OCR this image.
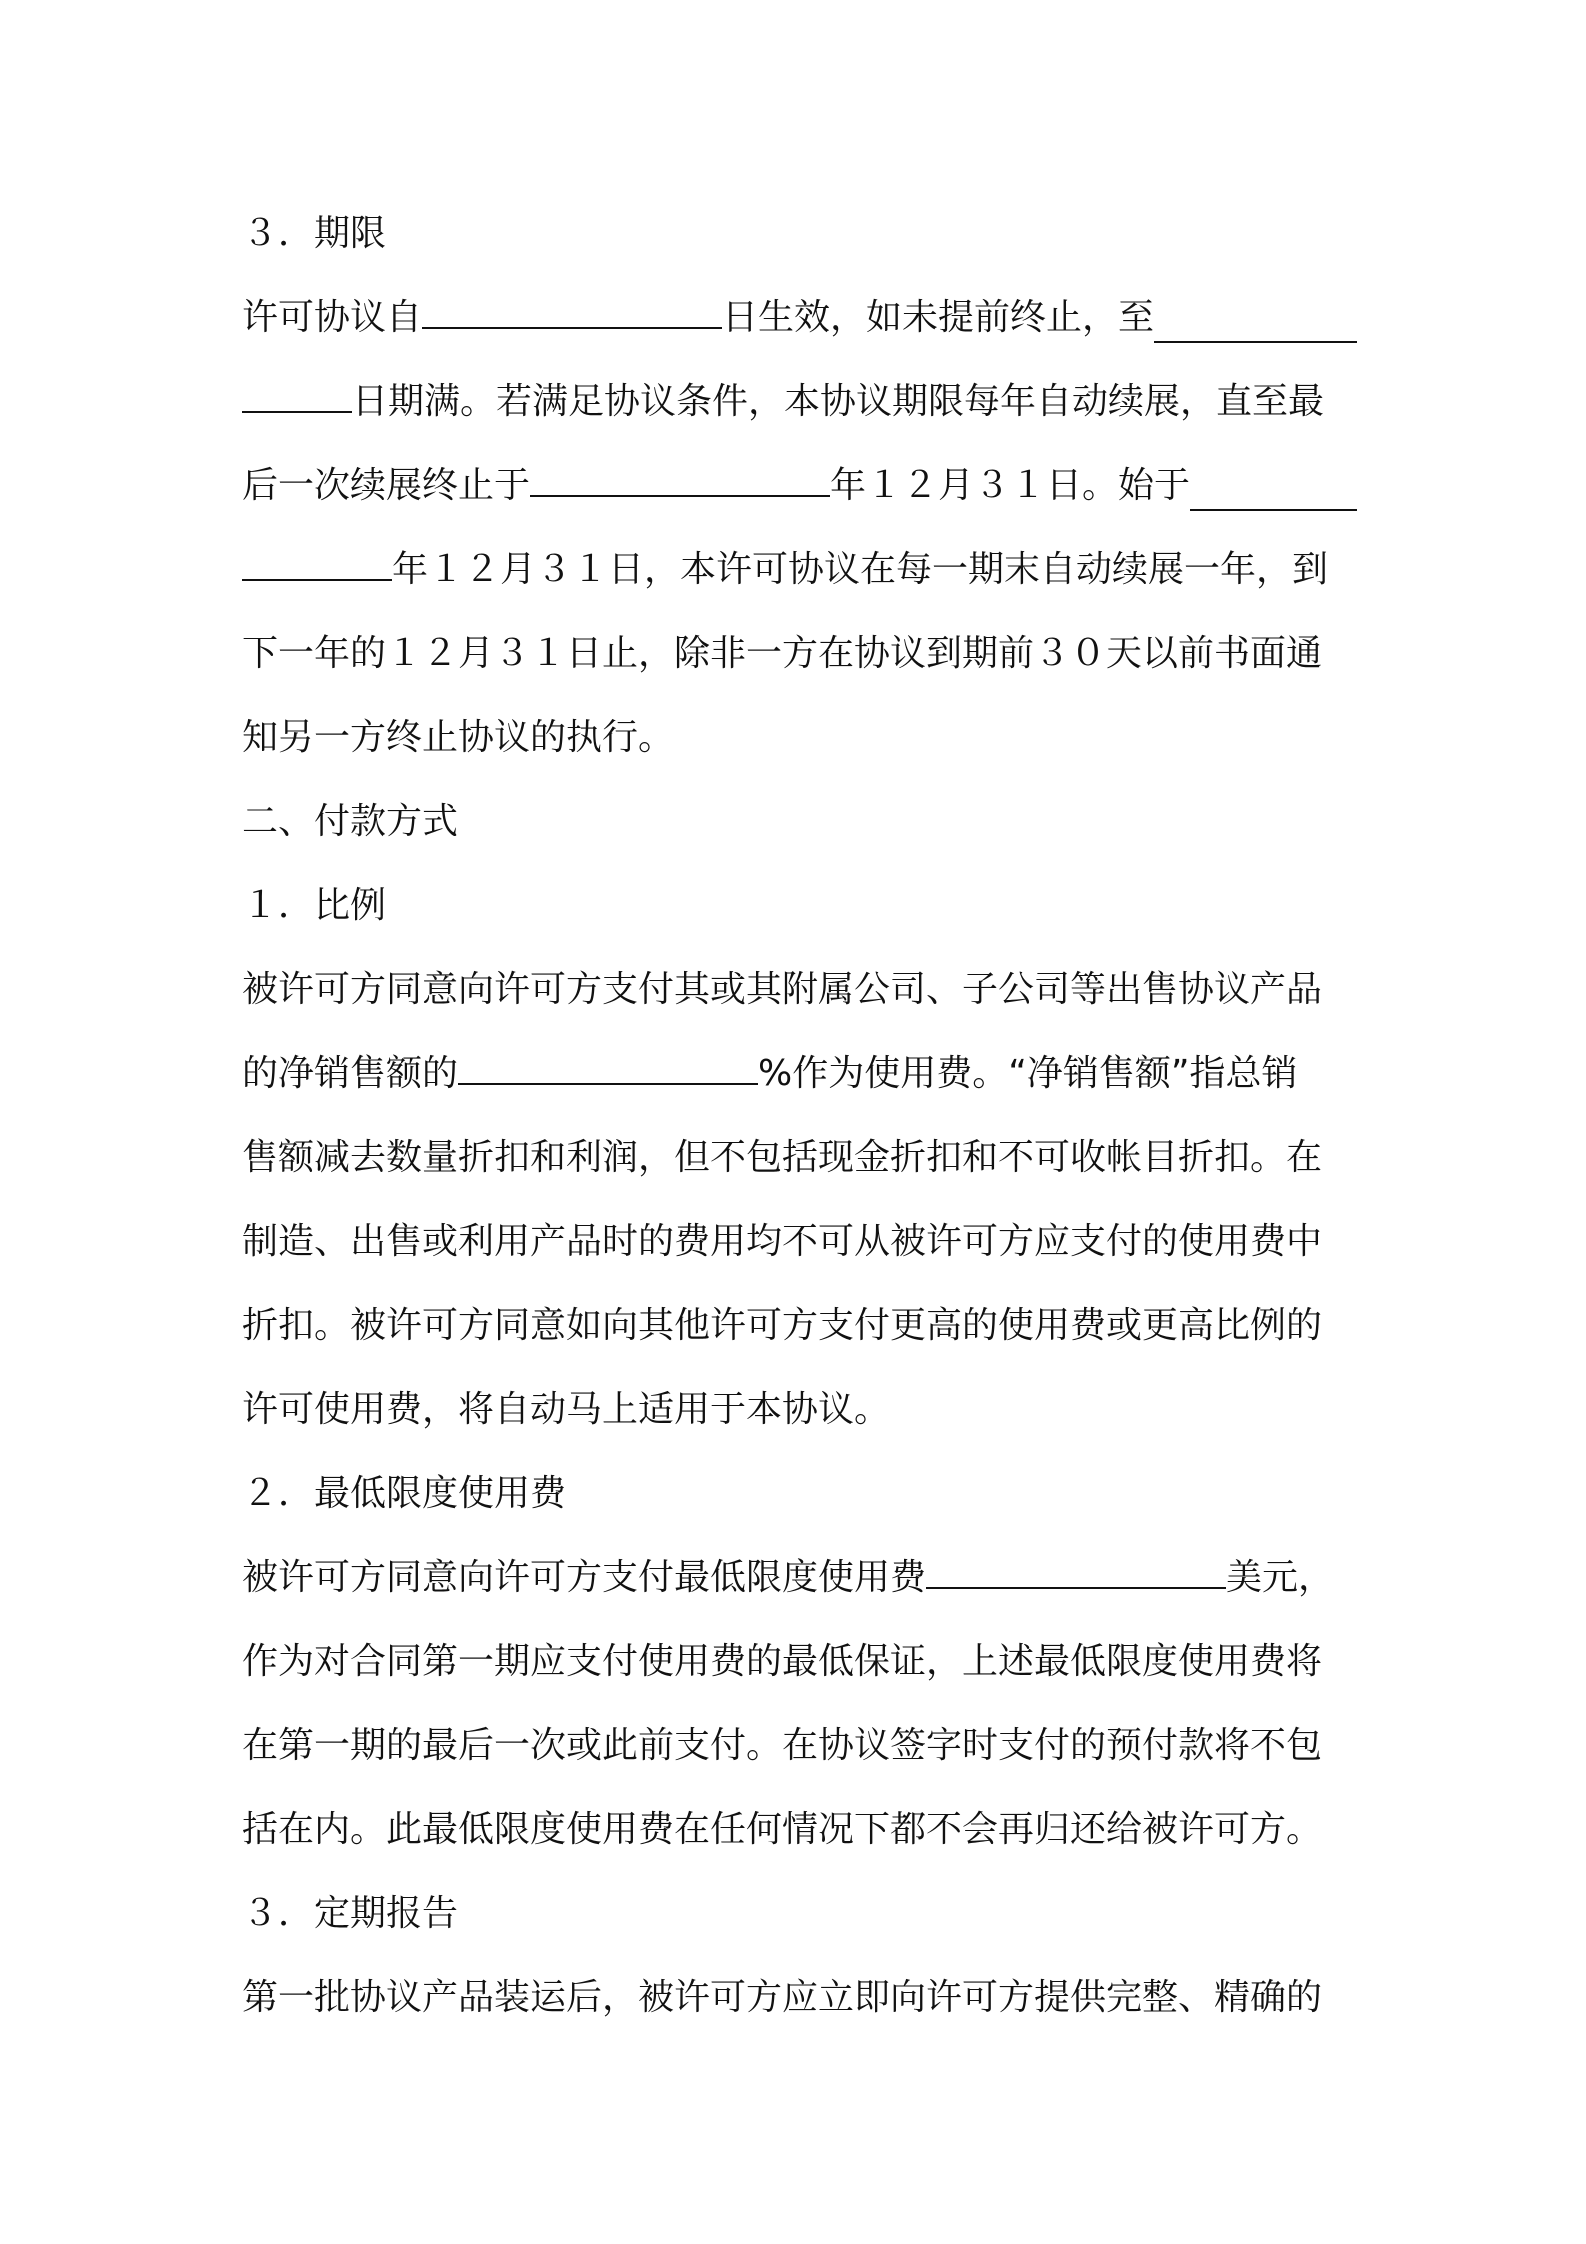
３．期限
许可协议自	日生效，如未提前终止，至
日期满。若满足协议条件，本协议期限每年自动续展，直至最
后一次续展终止于	年１２月３１日。始于
年１２月３１日，本许可协议在每一期末自动续展一年，到
下一年的１２月３１日止，除非一方在协议到期前３０天以前书面通
知另一方终止协议的执行。
二、付款方式
１．比例
被许可方同意向许可方支付其或其附属公司、子公司等出售协议产品
的净销售额的	%作为使用费。“净销售额”指总销
售额减去数量折扣和利润，但不包括现金折扣和不可收帐目折扣。在
制造、出售或利用产品时的费用均不可从被许可方应支付的使用费中
折扣。被许可方同意如向其他许可方支付更高的使用费或更高比例的
许可使用费，将自动马上适用于本协议。
２．最低限度使用费
被许可方同意向许可方支付最低限度使用费	美元，
作为对合同第一期应支付使用费的最低保证，上述最低限度使用费将
在第一期的最后一次或此前支付。在协议签字时支付的预付款将不包
括在内。此最低限度使用费在任何情况下都不会再归还给被许可方。
３．定期报告
第一批协议产品装运后，被许可方应立即向许可方提供完整、精确的
